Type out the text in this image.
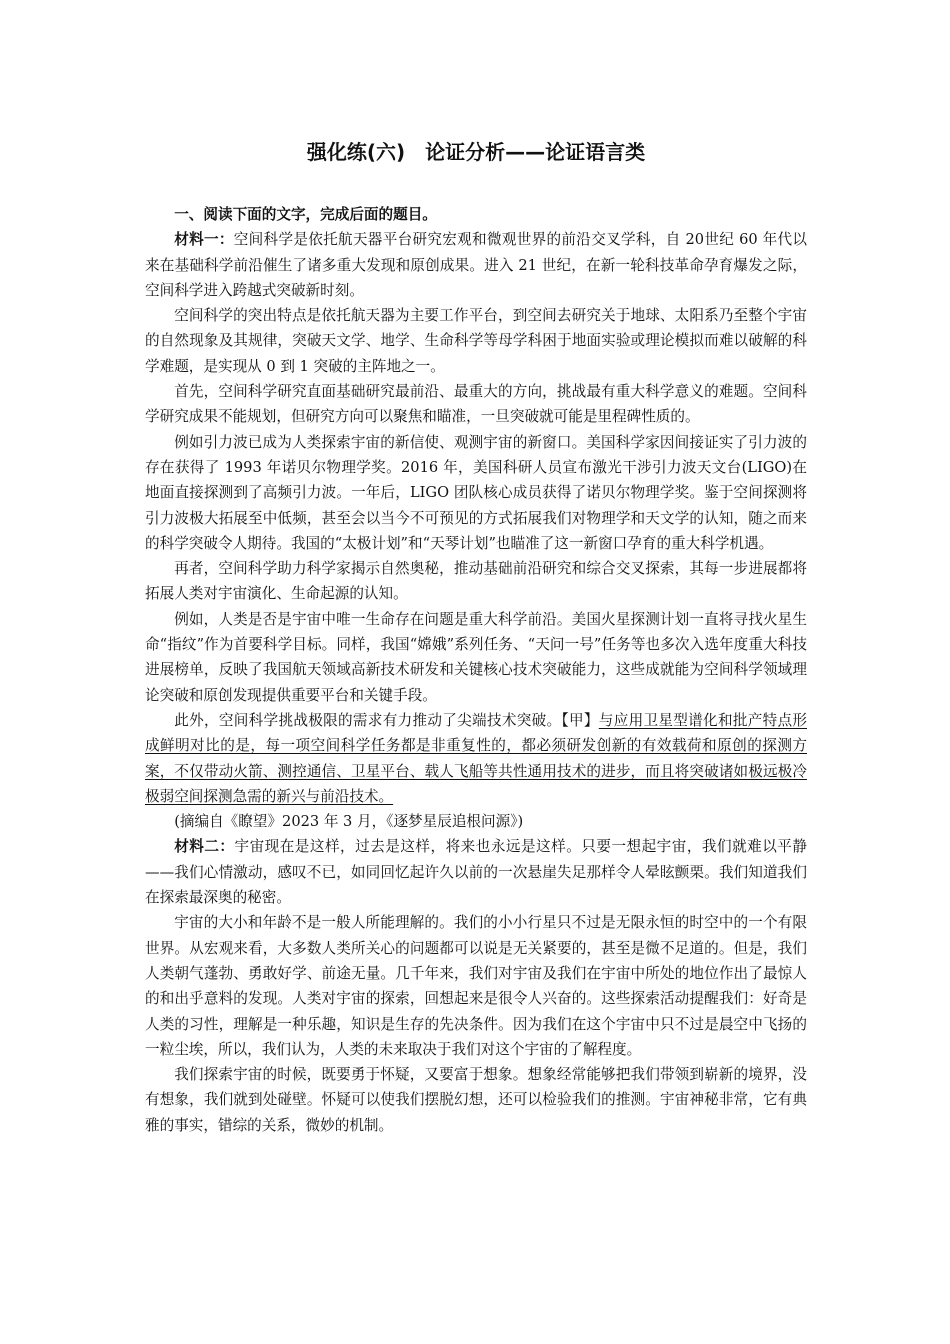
强化练(六)　论证分析——论证语言类

一、阅读下面的文字，完成后面的题目。

材料一：空间科学是依托航天器平台研究宏观和微观世界的前沿交叉学科，自 20世纪 60 年代以来在基础科学前沿催生了诸多重大发现和原创成果。进入 21 世纪，在新一轮科技革命孕育爆发之际，空间科学进入跨越式突破新时刻。

空间科学的突出特点是依托航天器为主要工作平台，到空间去研究关于地球、太阳系乃至整个宇宙的自然现象及其规律，突破天文学、地学、生命科学等母学科困于地面实验或理论模拟而难以破解的科学难题，是实现从 0 到 1 突破的主阵地之一。

首先，空间科学研究直面基础研究最前沿、最重大的方向，挑战最有重大科学意义的难题。空间科学研究成果不能规划，但研究方向可以聚焦和瞄准，一旦突破就可能是里程碑性质的。

例如引力波已成为人类探索宇宙的新信使、观测宇宙的新窗口。美国科学家因间接证实了引力波的存在获得了 1993 年诺贝尔物理学奖。2016 年，美国科研人员宣布激光干涉引力波天文台(LIGO)在地面直接探测到了高频引力波。一年后，LIGO 团队核心成员获得了诺贝尔物理学奖。鉴于空间探测将引力波极大拓展至中低频，甚至会以当今不可预见的方式拓展我们对物理学和天文学的认知，随之而来的科学突破令人期待。我国的“太极计划”和“天琴计划”也瞄准了这一新窗口孕育的重大科学机遇。

再者，空间科学助力科学家揭示自然奥秘，推动基础前沿研究和综合交叉探索，其每一步进展都将拓展人类对宇宙演化、生命起源的认知。

例如，人类是否是宇宙中唯一生命存在问题是重大科学前沿。美国火星探测计划一直将寻找火星生命“指纹”作为首要科学目标。同样，我国“嫦娥”系列任务、“天问一号”任务等也多次入选年度重大科技进展榜单，反映了我国航天领域高新技术研发和关键核心技术突破能力，这些成就能为空间科学领域理论突破和原创发现提供重要平台和关键手段。

此外，空间科学挑战极限的需求有力推动了尖端技术突破。【甲】与应用卫星型谱化和批产特点形成鲜明对比的是，每一项空间科学任务都是非重复性的，都必须研发创新的有效载荷和原创的探测方案，不仅带动火箭、测控通信、卫星平台、载人飞船等共性通用技术的进步，而且将突破诸如极远极冷极弱空间探测急需的新兴与前沿技术。

(摘编自《瞭望》2023 年 3 月，《逐梦星辰追根问源》)

材料二：宇宙现在是这样，过去是这样，将来也永远是这样。只要一想起宇宙，我们就难以平静——我们心情激动，感叹不已，如同回忆起许久以前的一次悬崖失足那样令人晕眩颤栗。我们知道我们在探索最深奥的秘密。

宇宙的大小和年龄不是一般人所能理解的。我们的小小行星只不过是无限永恒的时空中的一个有限世界。从宏观来看，大多数人类所关心的问题都可以说是无关紧要的，甚至是微不足道的。但是，我们人类朝气蓬勃、勇敢好学、前途无量。几千年来，我们对宇宙及我们在宇宙中所处的地位作出了最惊人的和出乎意料的发现。人类对宇宙的探索，回想起来是很令人兴奋的。这些探索活动提醒我们：好奇是人类的习性，理解是一种乐趣，知识是生存的先决条件。因为我们在这个宇宙中只不过是晨空中飞扬的一粒尘埃，所以，我们认为，人类的未来取决于我们对这个宇宙的了解程度。

我们探索宇宙的时候，既要勇于怀疑，又要富于想象。想象经常能够把我们带领到崭新的境界，没有想象，我们就到处碰壁。怀疑可以使我们摆脱幻想，还可以检验我们的推测。宇宙神秘非常，它有典雅的事实，错综的关系，微妙的机制。
